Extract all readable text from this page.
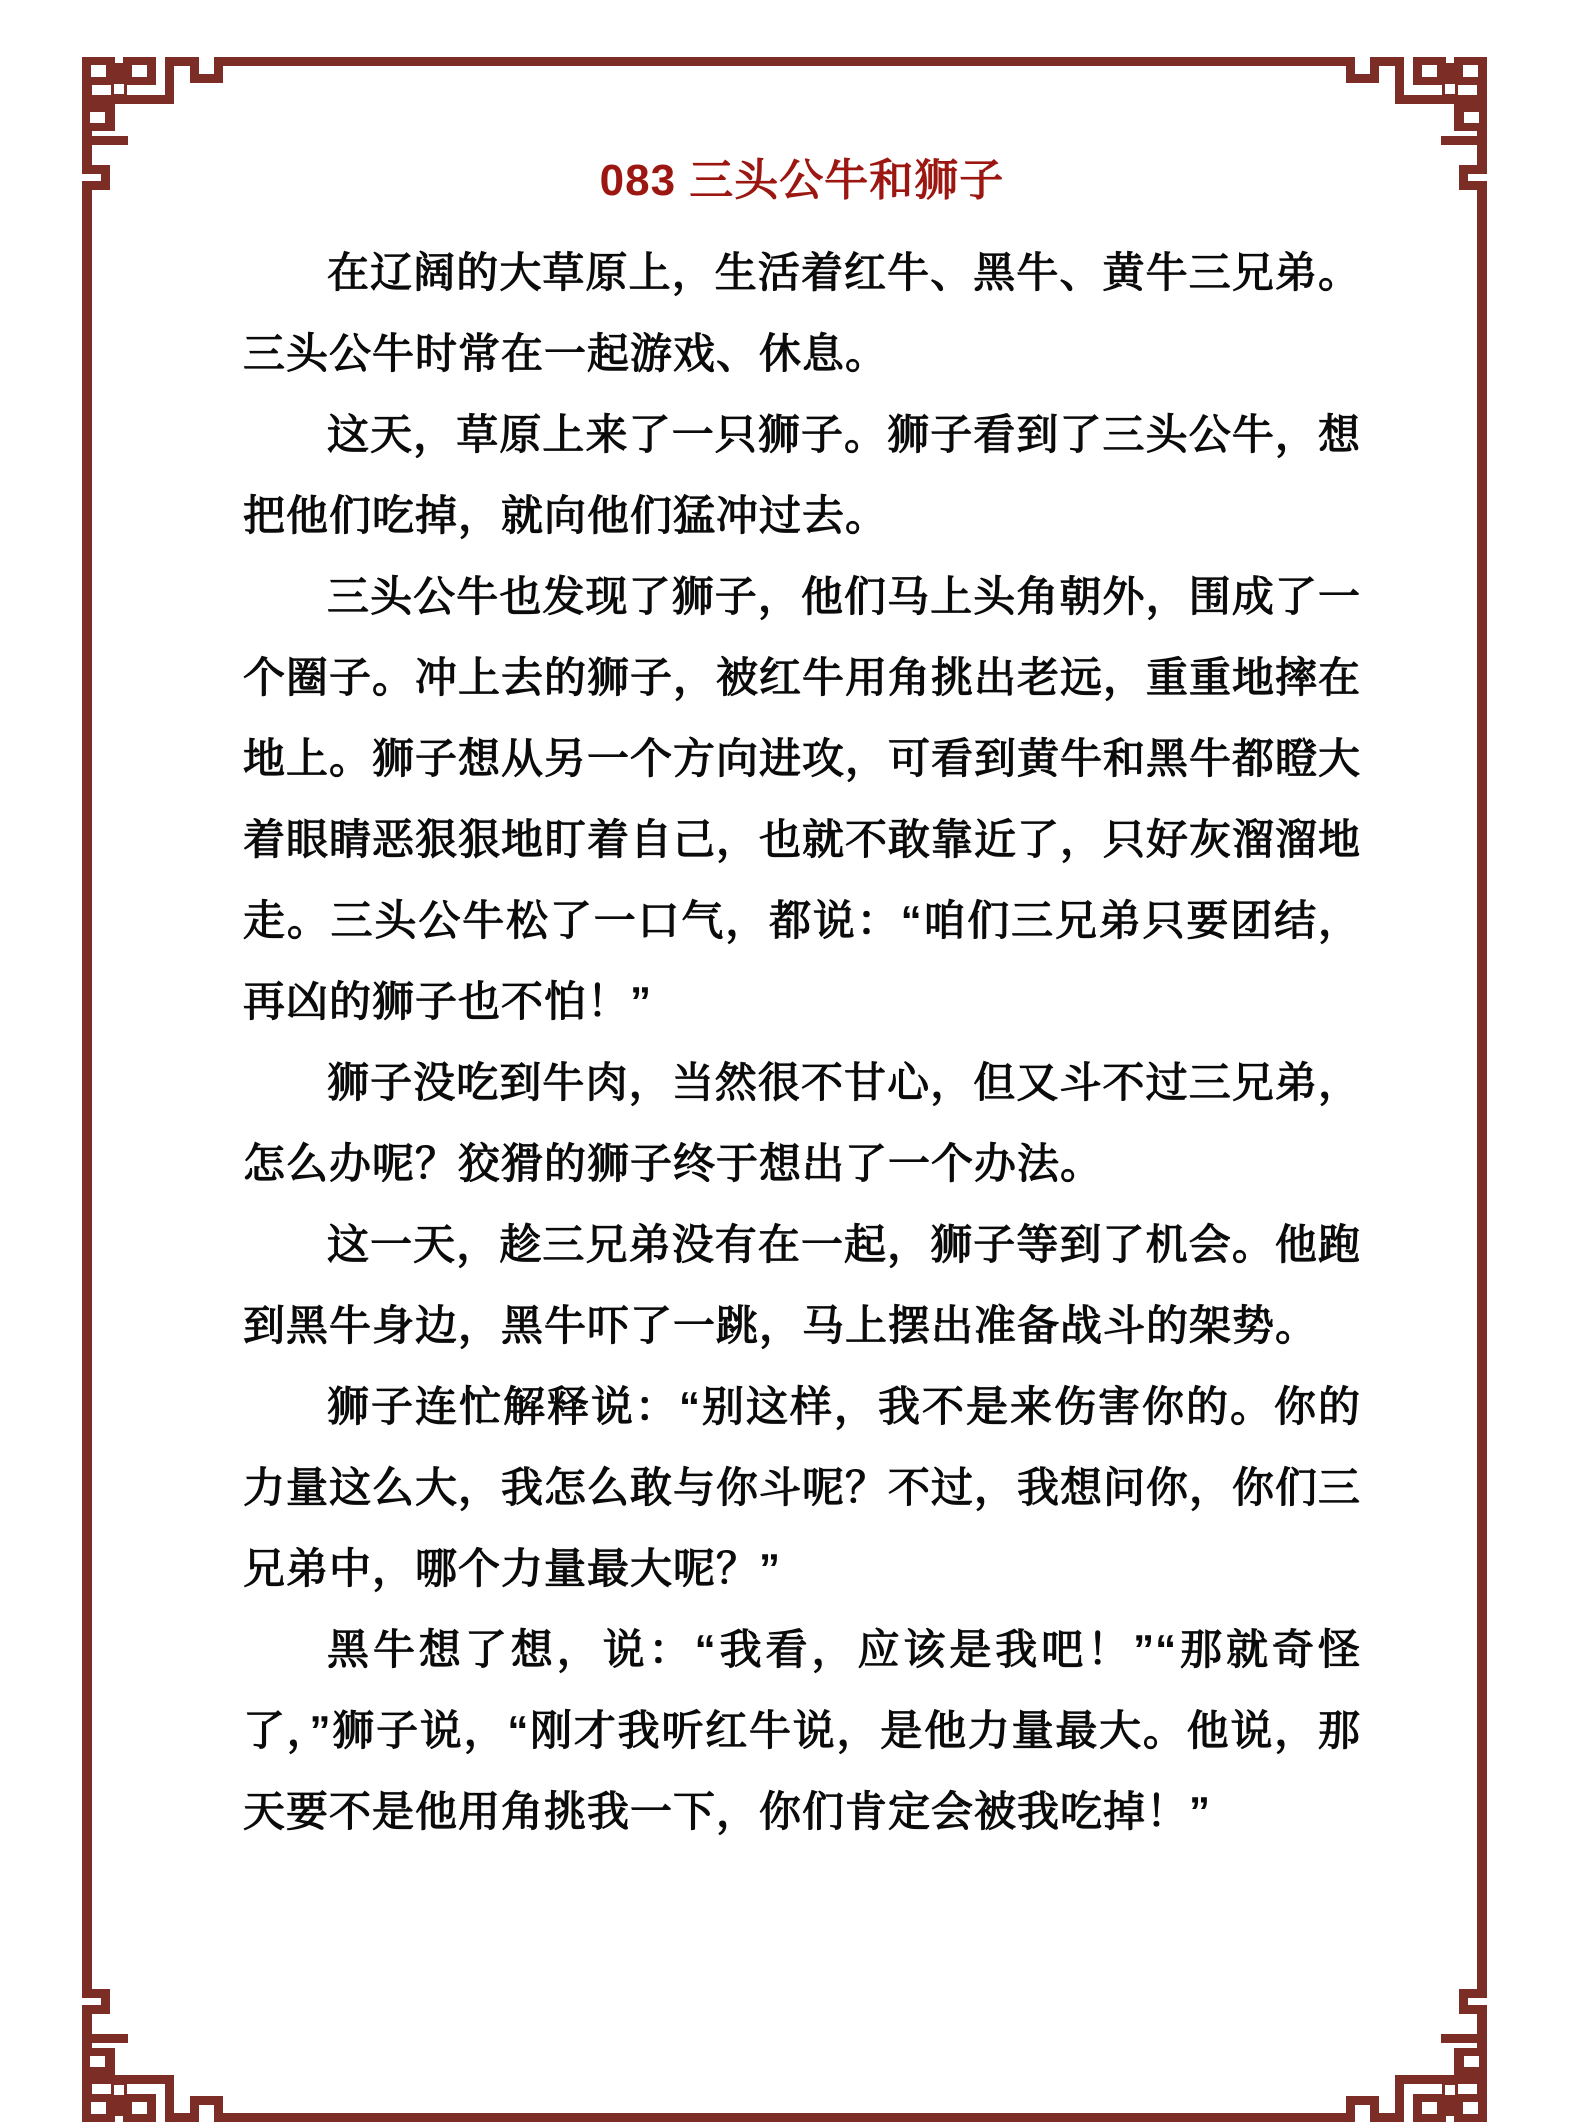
083 三头公牛和狮子

在辽阔的大草原上，生活着红牛、黑牛、黄牛三兄弟。三头公牛时常在一起游戏、休息。

这天，草原上来了一只狮子。狮子看到了三头公牛，想把他们吃掉，就向他们猛冲过去。

三头公牛也发现了狮子，他们马上头角朝外，围成了一个圈子。冲上去的狮子，被红牛用角挑出老远，重重地摔在地上。狮子想从另一个方向进攻，可看到黄牛和黑牛都瞪大着眼睛恶狠狠地盯着自己，也就不敢靠近了，只好灰溜溜地走。三头公牛松了一口气，都说：“咱们三兄弟只要团结，再凶的狮子也不怕！”

狮子没吃到牛肉，当然很不甘心，但又斗不过三兄弟，怎么办呢？狡猾的狮子终于想出了一个办法。

这一天，趁三兄弟没有在一起，狮子等到了机会。他跑到黑牛身边，黑牛吓了一跳，马上摆出准备战斗的架势。

狮子连忙解释说：“别这样，我不是来伤害你的。你的力量这么大，我怎么敢与你斗呢？不过，我想问你，你们三兄弟中，哪个力量最大呢？”

黑牛想了想，说：“我看，应该是我吧！”“那就奇怪了，”狮子说，“刚才我听红牛说，是他力量最大。他说，那天要不是他用角挑我一下，你们肯定会被我吃掉！”
